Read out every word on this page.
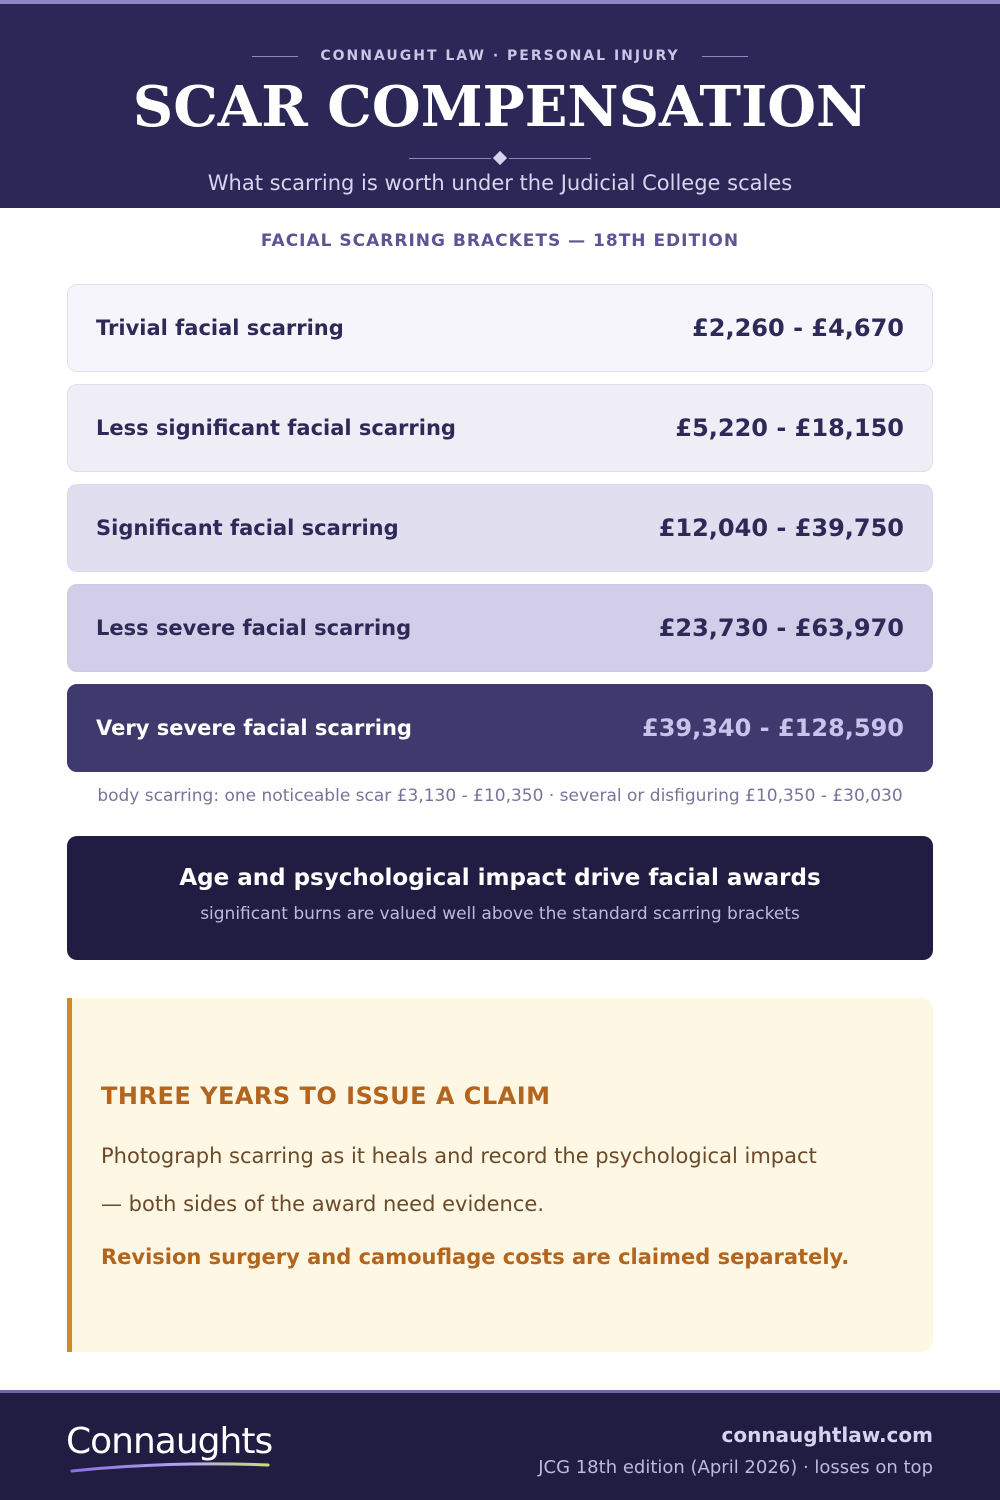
CONNAUGHT LAW · PERSONAL INJURY
SCAR COMPENSATION

What scarring is worth under the Judicial College scales

FACIAL SCARRING BRACKETS — 18TH EDITION
Trivial facial scarring	£2,260 - £4,670
Less significant facial scarring	£5,220 - £18,150
Significant facial scarring	£12,040 - £39,750
Less severe facial scarring	£23,730 - £63,970
Very severe facial scarring	£39,340 - £128,590

body scarring: one noticeable scar £3,130 - £10,350 · several or disfiguring £10,350 - £30,030

Age and psychological impact drive facial awards

significant burns are valued well above the standard scarring brackets

THREE YEARS TO ISSUE A CLAIM

Photograph scarring as it heals and record the psychological impact — both sides of the award need evidence.

Revision surgery and camouflage costs are claimed separately.

Connaughts	connaughtlaw.com

JCG 18th edition (April 2026) · losses on top
